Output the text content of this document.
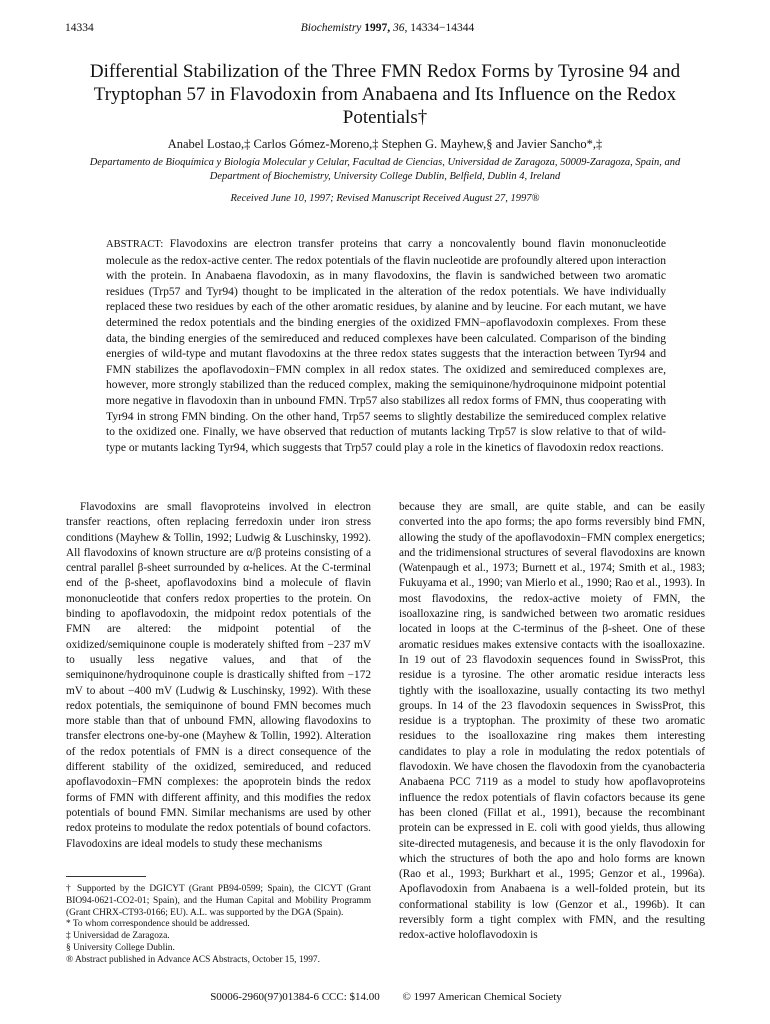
14334	Biochemistry 1997, 36, 14334−14344
Differential Stabilization of the Three FMN Redox Forms by Tyrosine 94 and Tryptophan 57 in Flavodoxin from Anabaena and Its Influence on the Redox Potentials†
Anabel Lostao,‡ Carlos Gómez-Moreno,‡ Stephen G. Mayhew,§ and Javier Sancho*,‡
Departamento de Bioquímica y Biología Molecular y Celular, Facultad de Ciencias, Universidad de Zaragoza, 50009-Zaragoza, Spain, and Department of Biochemistry, University College Dublin, Belfield, Dublin 4, Ireland
Received June 10, 1997; Revised Manuscript Received August 27, 1997®
ABSTRACT: Flavodoxins are electron transfer proteins that carry a noncovalently bound flavin mononucleotide molecule as the redox-active center. The redox potentials of the flavin nucleotide are profoundly altered upon interaction with the protein. In Anabaena flavodoxin, as in many flavodoxins, the flavin is sandwiched between two aromatic residues (Trp57 and Tyr94) thought to be implicated in the alteration of the redox potentials. We have individually replaced these two residues by each of the other aromatic residues, by alanine and by leucine. For each mutant, we have determined the redox potentials and the binding energies of the oxidized FMN−apoflavodoxin complexes. From these data, the binding energies of the semireduced and reduced complexes have been calculated. Comparison of the binding energies of wild-type and mutant flavodoxins at the three redox states suggests that the interaction between Tyr94 and FMN stabilizes the apoflavodoxin−FMN complex in all redox states. The oxidized and semireduced complexes are, however, more strongly stabilized than the reduced complex, making the semiquinone/hydroquinone midpoint potential more negative in flavodoxin than in unbound FMN. Trp57 also stabilizes all redox forms of FMN, thus cooperating with Tyr94 in strong FMN binding. On the other hand, Trp57 seems to slightly destabilize the semireduced complex relative to the oxidized one. Finally, we have observed that reduction of mutants lacking Trp57 is slow relative to that of wild-type or mutants lacking Tyr94, which suggests that Trp57 could play a role in the kinetics of flavodoxin redox reactions.

Flavodoxins are small flavoproteins involved in electron transfer reactions, often replacing ferredoxin under iron stress conditions (Mayhew & Tollin, 1992; Ludwig & Luschinsky, 1992). All flavodoxins of known structure are α/β proteins consisting of a central parallel β-sheet surrounded by α-helices. At the C-terminal end of the β-sheet, apoflavodoxins bind a molecule of flavin mononucleotide that confers redox properties to the protein. On binding to apoflavodoxin, the midpoint redox potentials of the FMN are altered: the midpoint potential of the oxidized/semiquinone couple is moderately shifted from −237 mV to usually less negative values, and that of the semiquinone/hydroquinone couple is drastically shifted from −172 mV to about −400 mV (Ludwig & Luschinsky, 1992). With these redox potentials, the semiquinone of bound FMN becomes much more stable than that of unbound FMN, allowing flavodoxins to transfer electrons one-by-one (Mayhew & Tollin, 1992). Alteration of the redox potentials of FMN is a direct consequence of the different stability of the oxidized, semireduced, and reduced apoflavodoxin−FMN complexes: the apoprotein binds the redox forms of FMN with different affinity, and this modifies the redox potentials of bound FMN. Similar mechanisms are used by other redox proteins to modulate the redox potentials of bound cofactors. Flavodoxins are ideal models to study these mechanisms

because they are small, are quite stable, and can be easily converted into the apo forms; the apo forms reversibly bind FMN, allowing the study of the apoflavodoxin−FMN complex energetics; and the tridimensional structures of several flavodoxins are known (Watenpaugh et al., 1973; Burnett et al., 1974; Smith et al., 1983; Fukuyama et al., 1990; van Mierlo et al., 1990; Rao et al., 1993). In most flavodoxins, the redox-active moiety of FMN, the isoalloxazine ring, is sandwiched between two aromatic residues located in loops at the C-terminus of the β-sheet. One of these aromatic residues makes extensive contacts with the isoalloxazine. In 19 out of 23 flavodoxin sequences found in SwissProt, this residue is a tyrosine. The other aromatic residue interacts less tightly with the isoalloxazine, usually contacting its two methyl groups. In 14 of the 23 flavodoxin sequences in SwissProt, this residue is a tryptophan. The proximity of these two aromatic residues to the isoalloxazine ring makes them interesting candidates to play a role in modulating the redox potentials of flavodoxin. We have chosen the flavodoxin from the cyanobacteria Anabaena PCC 7119 as a model to study how apoflavoproteins influence the redox potentials of flavin cofactors because its gene has been cloned (Fillat et al., 1991), because the recombinant protein can be expressed in E. coli with good yields, thus allowing site-directed mutagenesis, and because it is the only flavodoxin for which the structures of both the apo and holo forms are known (Rao et al., 1993; Burkhart et al., 1995; Genzor et al., 1996a). Apoflavodoxin from Anabaena is a well-folded protein, but its conformational stability is low (Genzor et al., 1996b). It can reversibly form a tight complex with FMN, and the resulting redox-active holoflavodoxin is

† Supported by the DGICYT (Grant PB94-0599; Spain), the CICYT (Grant BIO94-0621-CO2-01; Spain), and the Human Capital and Mobility Programm (Grant CHRX-CT93-0166; EU). A.L. was supported by the DGA (Spain).
* To whom correspondence should be addressed.
‡ Universidad de Zaragoza.
§ University College Dublin.
® Abstract published in Advance ACS Abstracts, October 15, 1997.
S0006-2960(97)01384-6 CCC: $14.00 © 1997 American Chemical Society
